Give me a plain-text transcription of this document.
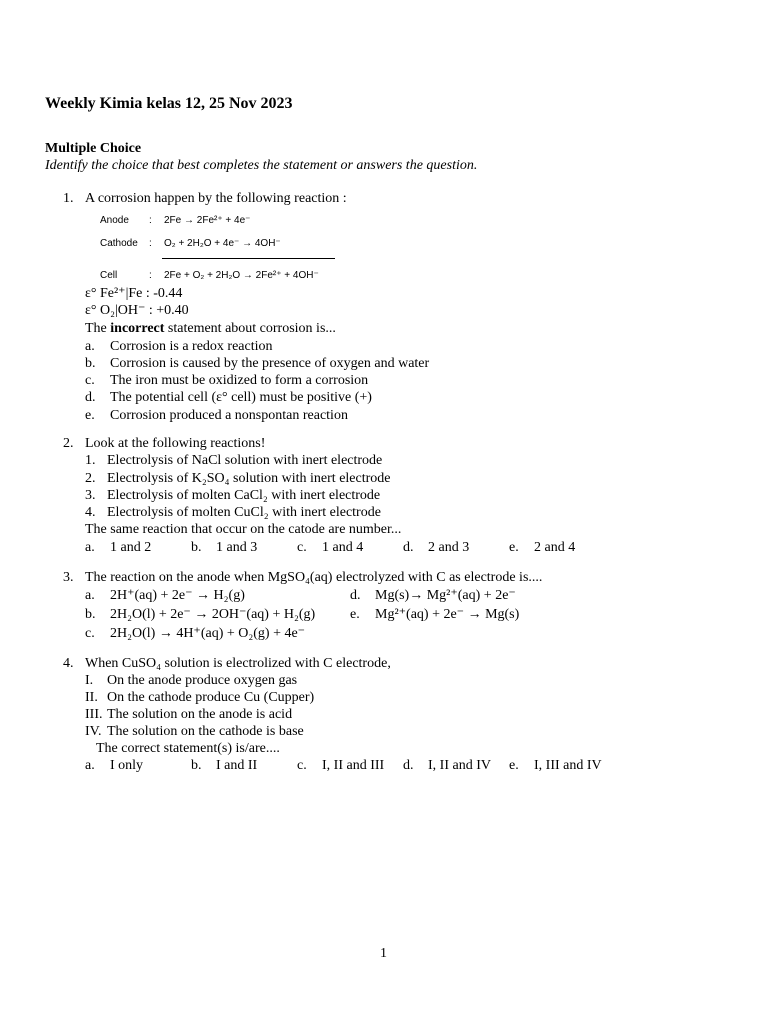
Weekly Kimia kelas 12, 25 Nov 2023
Multiple Choice
Identify the choice that best completes the statement or answers the question.
1. A corrosion happen by the following reaction :
Anode : 2Fe → 2Fe²⁺ + 4e⁻
Cathode : O₂ + 2H₂O + 4e⁻ → 4OH⁻
Cell	: 2Fe + O₂ + 2H₂O → 2Fe²⁺ + 4OH⁻
ε° Fe²⁺|Fe : -0.44
ε° O₂|OH⁻ : +0.40
The incorrect statement about corrosion is...
a. Corrosion is a redox reaction
b. Corrosion is caused by the presence of oxygen and water
c. The iron must be oxidized to form a corrosion
d. The potential cell (ε° cell) must be positive (+)
e. Corrosion produced a nonspontan reaction
2. Look at the following reactions!
1. Electrolysis of NaCl solution with inert electrode
2. Electrolysis of K₂SO₄ solution with inert electrode
3. Electrolysis of molten CaCl₂ with inert electrode
4. Electrolysis of molten CuCl₂ with inert electrode
The same reaction that occur on the catode are number...
a. 1 and 2	b. 1 and 3	c. 1 and 4	d. 2 and 3	e. 2 and 4
3. The reaction on the anode when MgSO₄(aq) electrolyzed with C as electrode is....
a. 2H⁺(aq) + 2e⁻ → H₂(g)	d. Mg(s)→ Mg²⁺(aq) + 2e⁻
b. 2H₂O(l) + 2e⁻ → 2OH⁻(aq) + H₂(g) e. Mg²⁺(aq) + 2e⁻ → Mg(s)
c. 2H₂O(l) → 4H⁺(aq) + O₂(g) + 4e⁻
4. When CuSO₄ solution is electrolized with C electrode,
I. On the anode produce oxygen gas
II. On the cathode produce Cu (Cupper)
III. The solution on the anode is acid
IV. The solution on the cathode is base
The correct statement(s) is/are....
a. I only	b. I and II	c. I, II and III d. I, II and IV e. I, III and IV
1
